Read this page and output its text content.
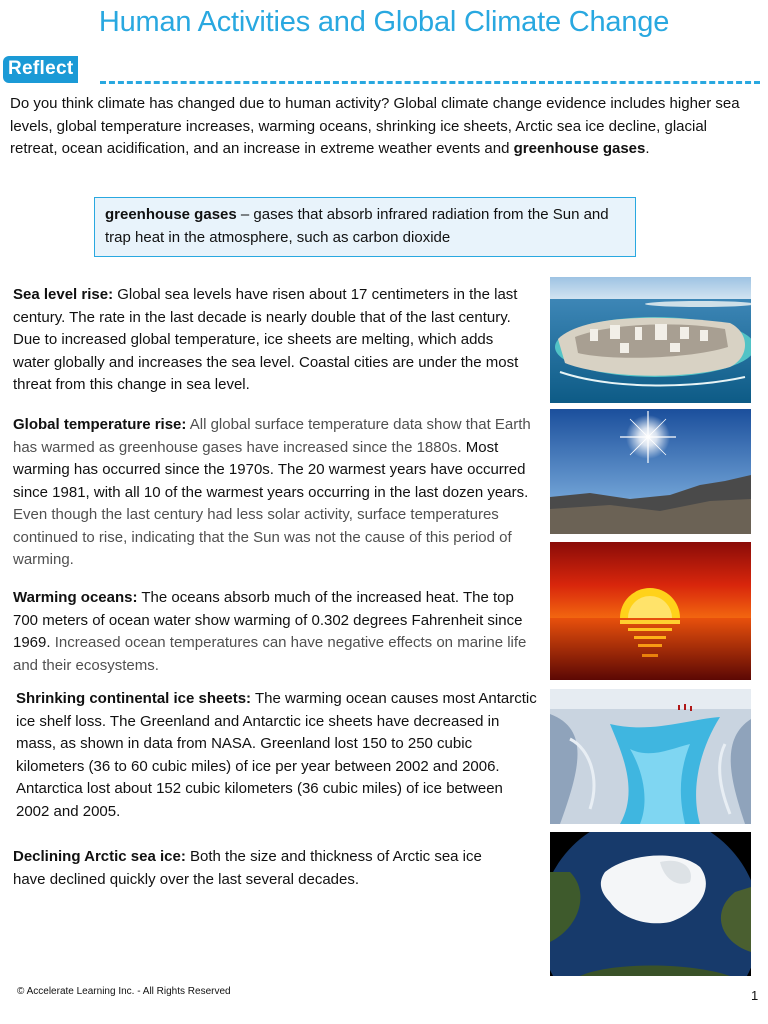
Human Activities and Global Climate Change
Reflect

Do you think climate has changed due to human activity? Global climate change evidence includes higher sea levels, global temperature increases, warming oceans, shrinking ice sheets, Arctic sea ice decline, glacial retreat, ocean acidification, and an increase in extreme weather events and greenhouse gases.

greenhouse gases – gases that absorb infrared radiation from the Sun and trap heat in the atmosphere, such as carbon dioxide
Sea level rise: Global sea levels have risen about 17 centimeters in the last century. The rate in the last decade is nearly double that of the last century. Due to increased global temperature, ice sheets are melting, which adds water globally and increases the sea level. Coastal cities are under the most threat from this change in sea level.
Global temperature rise: All global surface temperature data show that Earth has warmed as greenhouse gases have increased since the 1880s. Most warming has occurred since the 1970s. The 20 warmest years have occurred since 1981, with all 10 of the warmest years occurring in the last dozen years. Even though the last century had less solar activity, surface temperatures continued to rise, indicating that the Sun was not the cause of this period of warming.
Warming oceans: The oceans absorb much of the increased heat. The top 700 meters of ocean water show warming of 0.302 degrees Fahrenheit since 1969. Increased ocean temperatures can have negative effects on marine life and their ecosystems.
Shrinking continental ice sheets: The warming ocean causes most Antarctic ice shelf loss. The Greenland and Antarctic ice sheets have decreased in mass, as shown in data from NASA. Greenland lost 150 to 250 cubic kilometers (36 to 60 cubic miles) of ice per year between 2002 and 2006. Antarctica lost about 152 cubic kilometers (36 cubic miles) of ice between 2002 and 2005.
Declining Arctic sea ice: Both the size and thickness of Arctic sea ice have declined quickly over the last several decades.
© Accelerate Learning Inc. - All Rights Reserved	1
